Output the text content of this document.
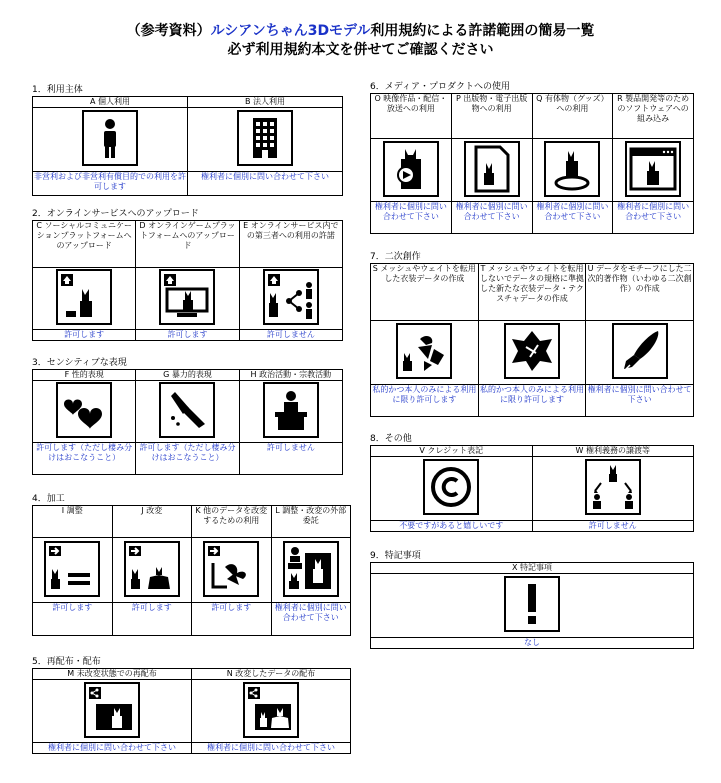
（参考資料）ルシアンちゃん3Dモデル利用規約による許諾範囲の簡易一覧
必ず利用規約本文を併せてご確認ください
1．利用主体
A 個人利用	B 法人利用

非営利および非営利有償目的での利用を許可します	権利者に個別に問い合わせて下さい
2．オンラインサービスへのアップロード
C ソーシャルコミュニケーションプラットフォームへのアップロード	D オンラインゲームプラットフォームへのアップロード	E オンラインサービス内での第三者への利用の許諾

許可します	許可します	許可しません
3．センシティブな表現
F 性的表現	G 暴力的表現	H 政治活動・宗教活動

許可します（ただし棲み分けはおこなうこと）	許可します（ただし棲み分けはおこなうこと）	許可しません
4．加工
I 調整	J 改変	K 他のデータを改変するための利用	L 調整・改変の外部委託

許可します	許可します	許可します	権利者に個別に問い合わせて下さい
5．再配布・配布
M 未改変状態での再配布	N 改変したデータの配布

権利者に個別に問い合わせて下さい	権利者に個別に問い合わせて下さい
6．メディア・プロダクトへの使用
O 映像作品・配信・放送への利用	P 出版物・電子出版物への利用	Q 有体物（グッズ）への利用	R 製品開発等のためのソフトウェアへの組み込み

権利者に個別に問い合わせて下さい	権利者に個別に問い合わせて下さい	権利者に個別に問い合わせて下さい	権利者に個別に問い合わせて下さい
7．二次創作
S メッシュやウェイトを転用した衣装データの作成	T メッシュやウェイトを転用しないでデータの規格に準拠した新たな衣装データ・テクスチャデータの作成	U データをモチーフにした二次的著作物（いわゆる二次創作）の作成

私的かつ本人のみによる利用に限り許可します	私的かつ本人のみによる利用に限り許可します	権利者に個別に問い合わせて下さい
8．その他
V クレジット表記	W 権利義務の譲渡等

不要ですがあると嬉しいです	許可しません
9．特記事項
X 特記事項

なし
